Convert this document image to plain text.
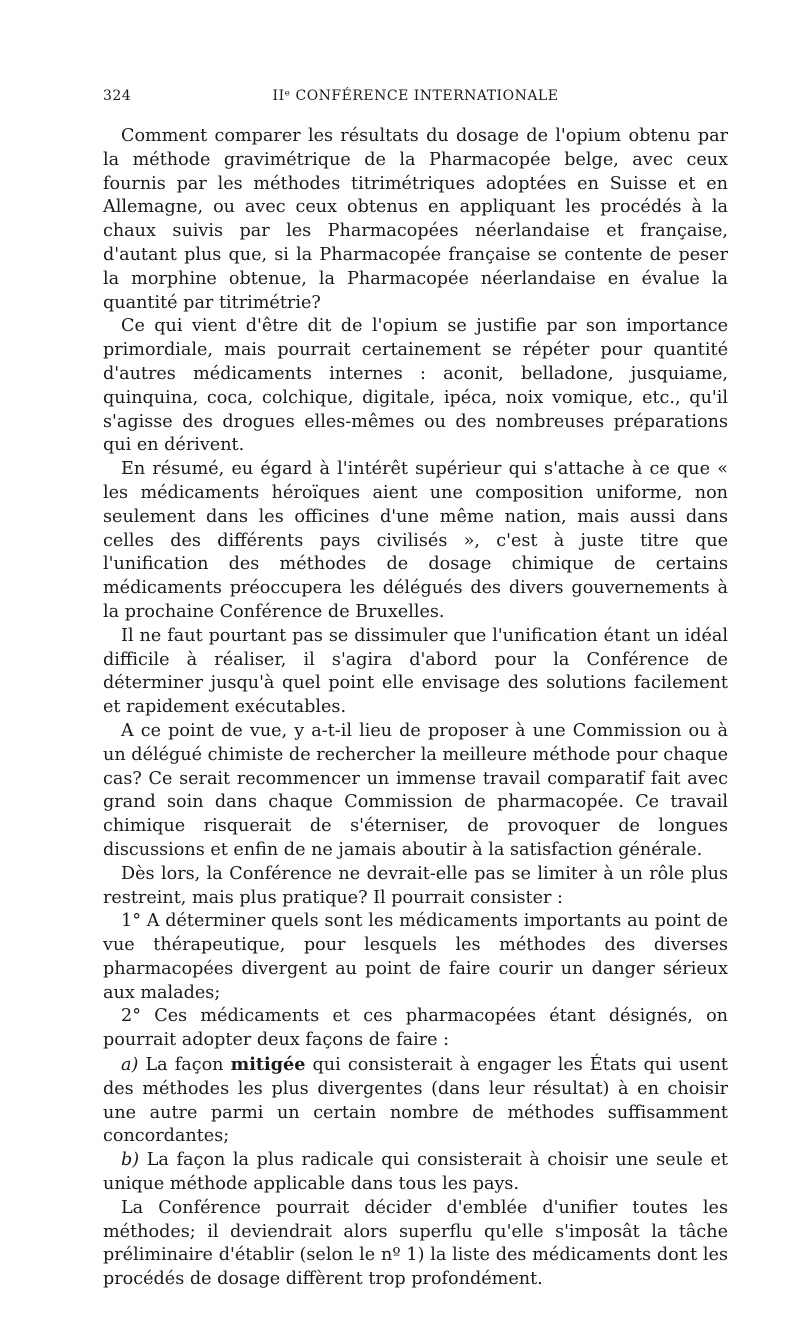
324	IIᵉ CONFÉRENCE INTERNATIONALE

Comment comparer les résultats du dosage de l'opium obtenu par la méthode gravimétrique de la Pharmacopée belge, avec ceux fournis par les méthodes titrimétriques adoptées en Suisse et en Allemagne, ou avec ceux obtenus en appliquant les procédés à la chaux suivis par les Pharmacopées néerlandaise et française, d'autant plus que, si la Pharmacopée française se contente de peser la morphine obtenue, la Pharmacopée néerlandaise en évalue la quantité par titrimétrie?

Ce qui vient d'être dit de l'opium se justifie par son importance primordiale, mais pourrait certainement se répéter pour quantité d'autres médicaments internes : aconit, belladone, jusquiame, quinquina, coca, colchique, digitale, ipéca, noix vomique, etc., qu'il s'agisse des drogues elles-mêmes ou des nombreuses préparations qui en dérivent.

En résumé, eu égard à l'intérêt supérieur qui s'attache à ce que « les médicaments héroïques aient une composition uniforme, non seulement dans les officines d'une même nation, mais aussi dans celles des différents pays civilisés », c'est à juste titre que l'unification des méthodes de dosage chimique de certains médicaments préoccupera les délégués des divers gouvernements à la prochaine Conférence de Bruxelles.

Il ne faut pourtant pas se dissimuler que l'unification étant un idéal difficile à réaliser, il s'agira d'abord pour la Conférence de déterminer jusqu'à quel point elle envisage des solutions facilement et rapidement exécutables.

A ce point de vue, y a-t-il lieu de proposer à une Commission ou à un délégué chimiste de rechercher la meilleure méthode pour chaque cas? Ce serait recommencer un immense travail comparatif fait avec grand soin dans chaque Commission de pharmacopée. Ce travail chimique risquerait de s'éterniser, de provoquer de longues discussions et enfin de ne jamais aboutir à la satisfaction générale.

Dès lors, la Conférence ne devrait-elle pas se limiter à un rôle plus restreint, mais plus pratique? Il pourrait consister :

1° A déterminer quels sont les médicaments importants au point de vue thérapeutique, pour lesquels les méthodes des diverses pharmacopées divergent au point de faire courir un danger sérieux aux malades;

2° Ces médicaments et ces pharmacopées étant désignés, on pourrait adopter deux façons de faire :

a) La façon mitigée qui consisterait à engager les États qui usent des méthodes les plus divergentes (dans leur résultat) à en choisir une autre parmi un certain nombre de méthodes suffisamment concordantes;

b) La façon la plus radicale qui consisterait à choisir une seule et unique méthode applicable dans tous les pays.

La Conférence pourrait décider d'emblée d'unifier toutes les méthodes; il deviendrait alors superflu qu'elle s'imposât la tâche préliminaire d'établir (selon le nº 1) la liste des médicaments dont les procédés de dosage diffèrent trop profondément.
